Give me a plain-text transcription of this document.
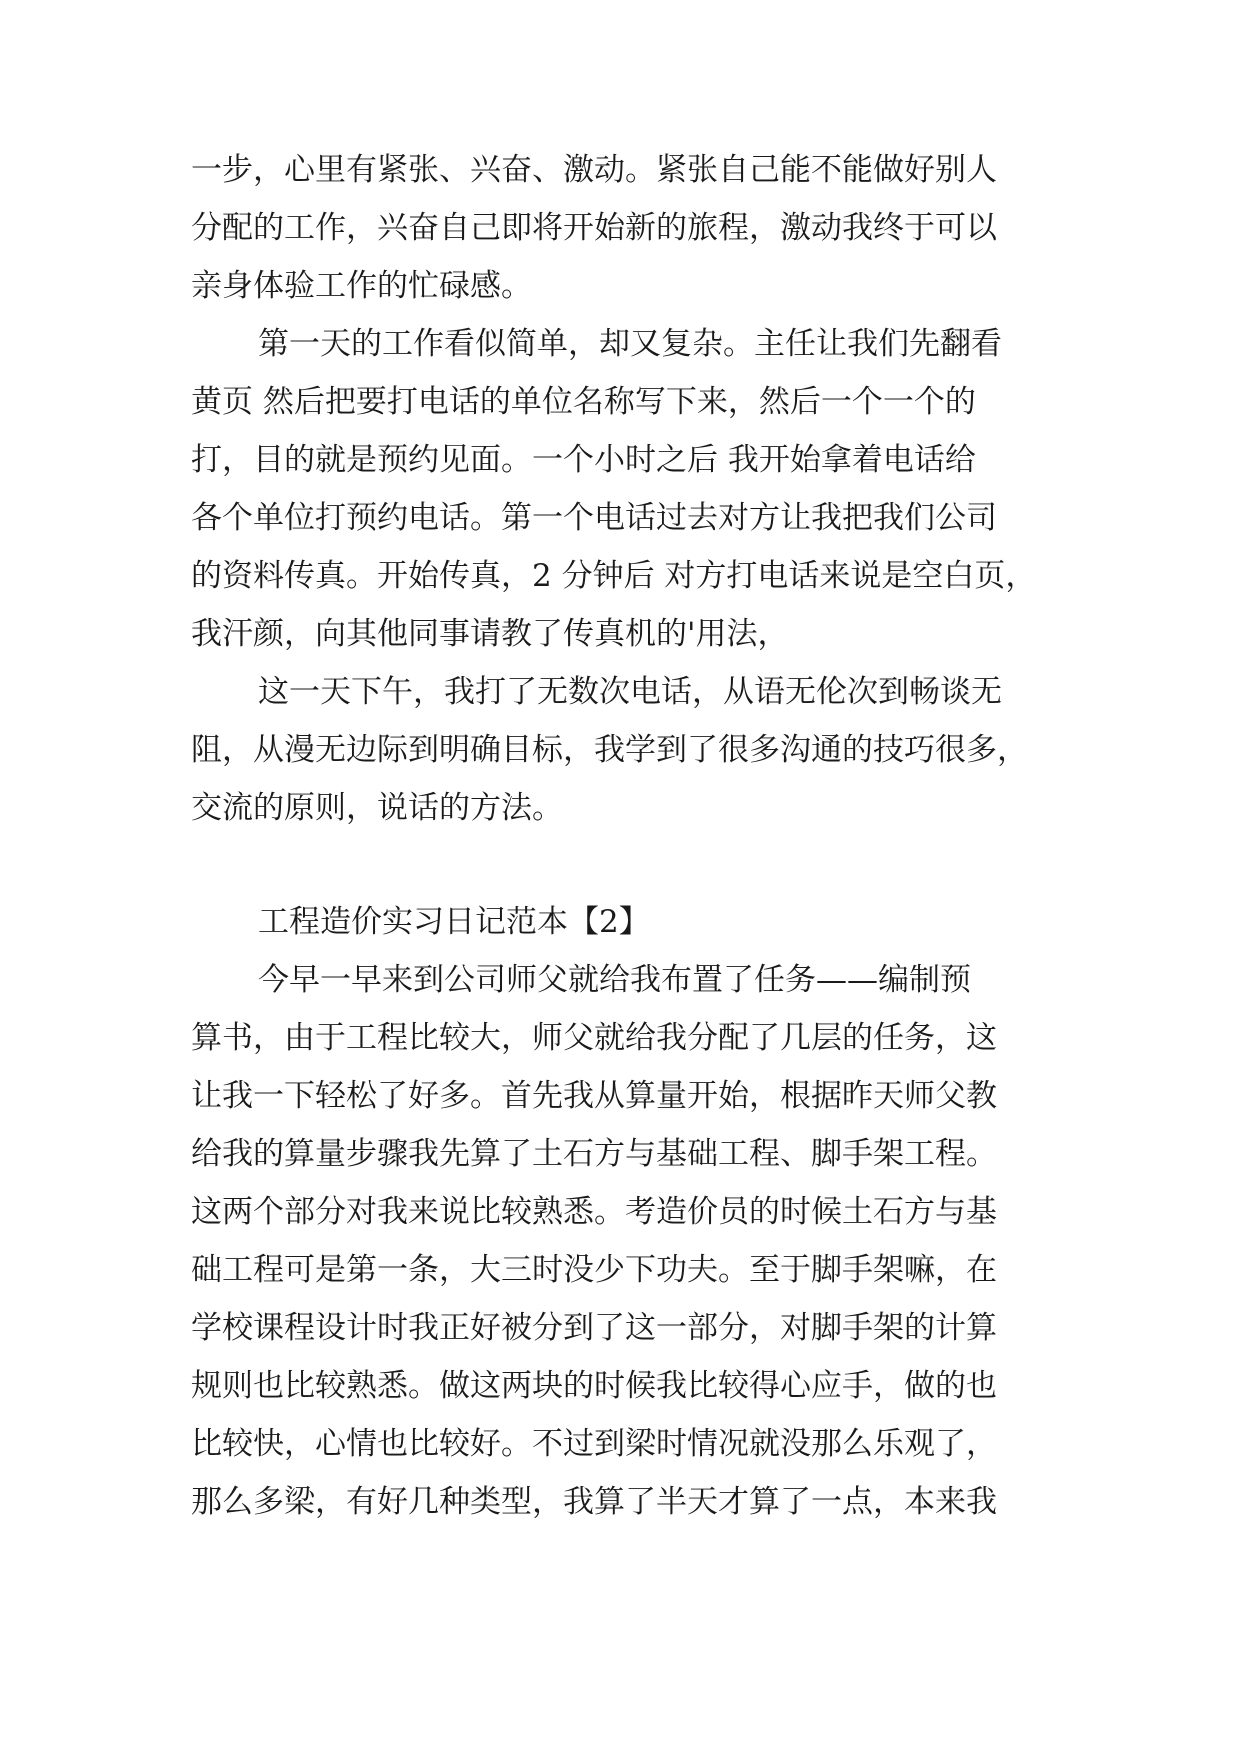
一步，心里有紧张、兴奋、激动。紧张自己能不能做好别人
分配的工作，兴奋自己即将开始新的旅程，激动我终于可以
亲身体验工作的忙碌感。
第一天的工作看似简单，却又复杂。主任让我们先翻看
黄页 然后把要打电话的单位名称写下来，然后一个一个的
打，目的就是预约见面。一个小时之后 我开始拿着电话给
各个单位打预约电话。第一个电话过去对方让我把我们公司
的资料传真。开始传真，2 分钟后 对方打电话来说是空白页，
我汗颜，向其他同事请教了传真机的'用法，
这一天下午，我打了无数次电话，从语无伦次到畅谈无
阻，从漫无边际到明确目标，我学到了很多沟通的技巧很多，
交流的原则，说话的方法。
工程造价实习日记范本【2】
今早一早来到公司师父就给我布置了任务——编制预
算书，由于工程比较大，师父就给我分配了几层的任务，这
让我一下轻松了好多。首先我从算量开始，根据昨天师父教
给我的算量步骤我先算了土石方与基础工程、脚手架工程。
这两个部分对我来说比较熟悉。考造价员的时候土石方与基
础工程可是第一条，大三时没少下功夫。至于脚手架嘛，在
学校课程设计时我正好被分到了这一部分，对脚手架的计算
规则也比较熟悉。做这两块的时候我比较得心应手，做的也
比较快，心情也比较好。不过到梁时情况就没那么乐观了，
那么多梁，有好几种类型，我算了半天才算了一点，本来我
